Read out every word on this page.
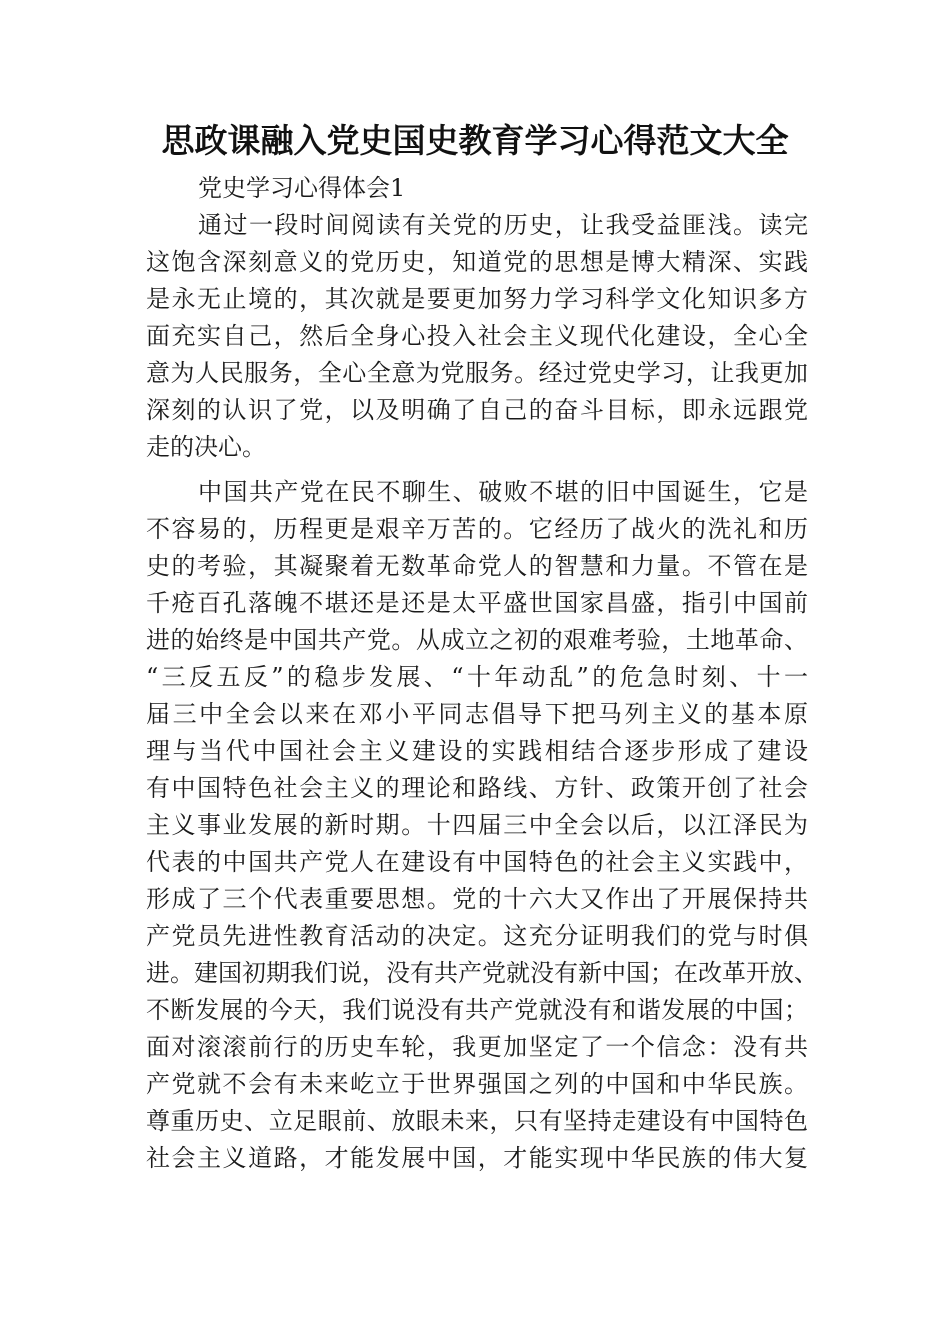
思政课融入党史国史教育学习心得范文大全
党史学习心得体会1
通过一段时间阅读有关党的历史，让我受益匪浅。读完
这饱含深刻意义的党历史，知道党的思想是博大精深、实践
是永无止境的，其次就是要更加努力学习科学文化知识多方
面充实自己，然后全身心投入社会主义现代化建设，全心全
意为人民服务，全心全意为党服务。经过党史学习，让我更加
深刻的认识了党，以及明确了自己的奋斗目标，即永远跟党
走的决心。
中国共产党在民不聊生、破败不堪的旧中国诞生，它是
不容易的，历程更是艰辛万苦的。它经历了战火的洗礼和历
史的考验，其凝聚着无数革命党人的智慧和力量。不管在是
千疮百孔落魄不堪还是还是太平盛世国家昌盛，指引中国前
进的始终是中国共产党。从成立之初的艰难考验，土地革命、
“三反五反”的稳步发展、“十年动乱”的危急时刻、十一
届三中全会以来在邓小平同志倡导下把马列主义的基本原
理与当代中国社会主义建设的实践相结合逐步形成了建设
有中国特色社会主义的理论和路线、方针、政策开创了社会
主义事业发展的新时期。十四届三中全会以后，以江泽民为
代表的中国共产党人在建设有中国特色的社会主义实践中，
形成了三个代表重要思想。党的十六大又作出了开展保持共
产党员先进性教育活动的决定。这充分证明我们的党与时俱
进。建国初期我们说，没有共产党就没有新中国；在改革开放、
不断发展的今天，我们说没有共产党就没有和谐发展的中国；
面对滚滚前行的历史车轮，我更加坚定了一个信念：没有共
产党就不会有未来屹立于世界强国之列的中国和中华民族。
尊重历史、立足眼前、放眼未来，只有坚持走建设有中国特色
社会主义道路，才能发展中国，才能实现中华民族的伟大复
